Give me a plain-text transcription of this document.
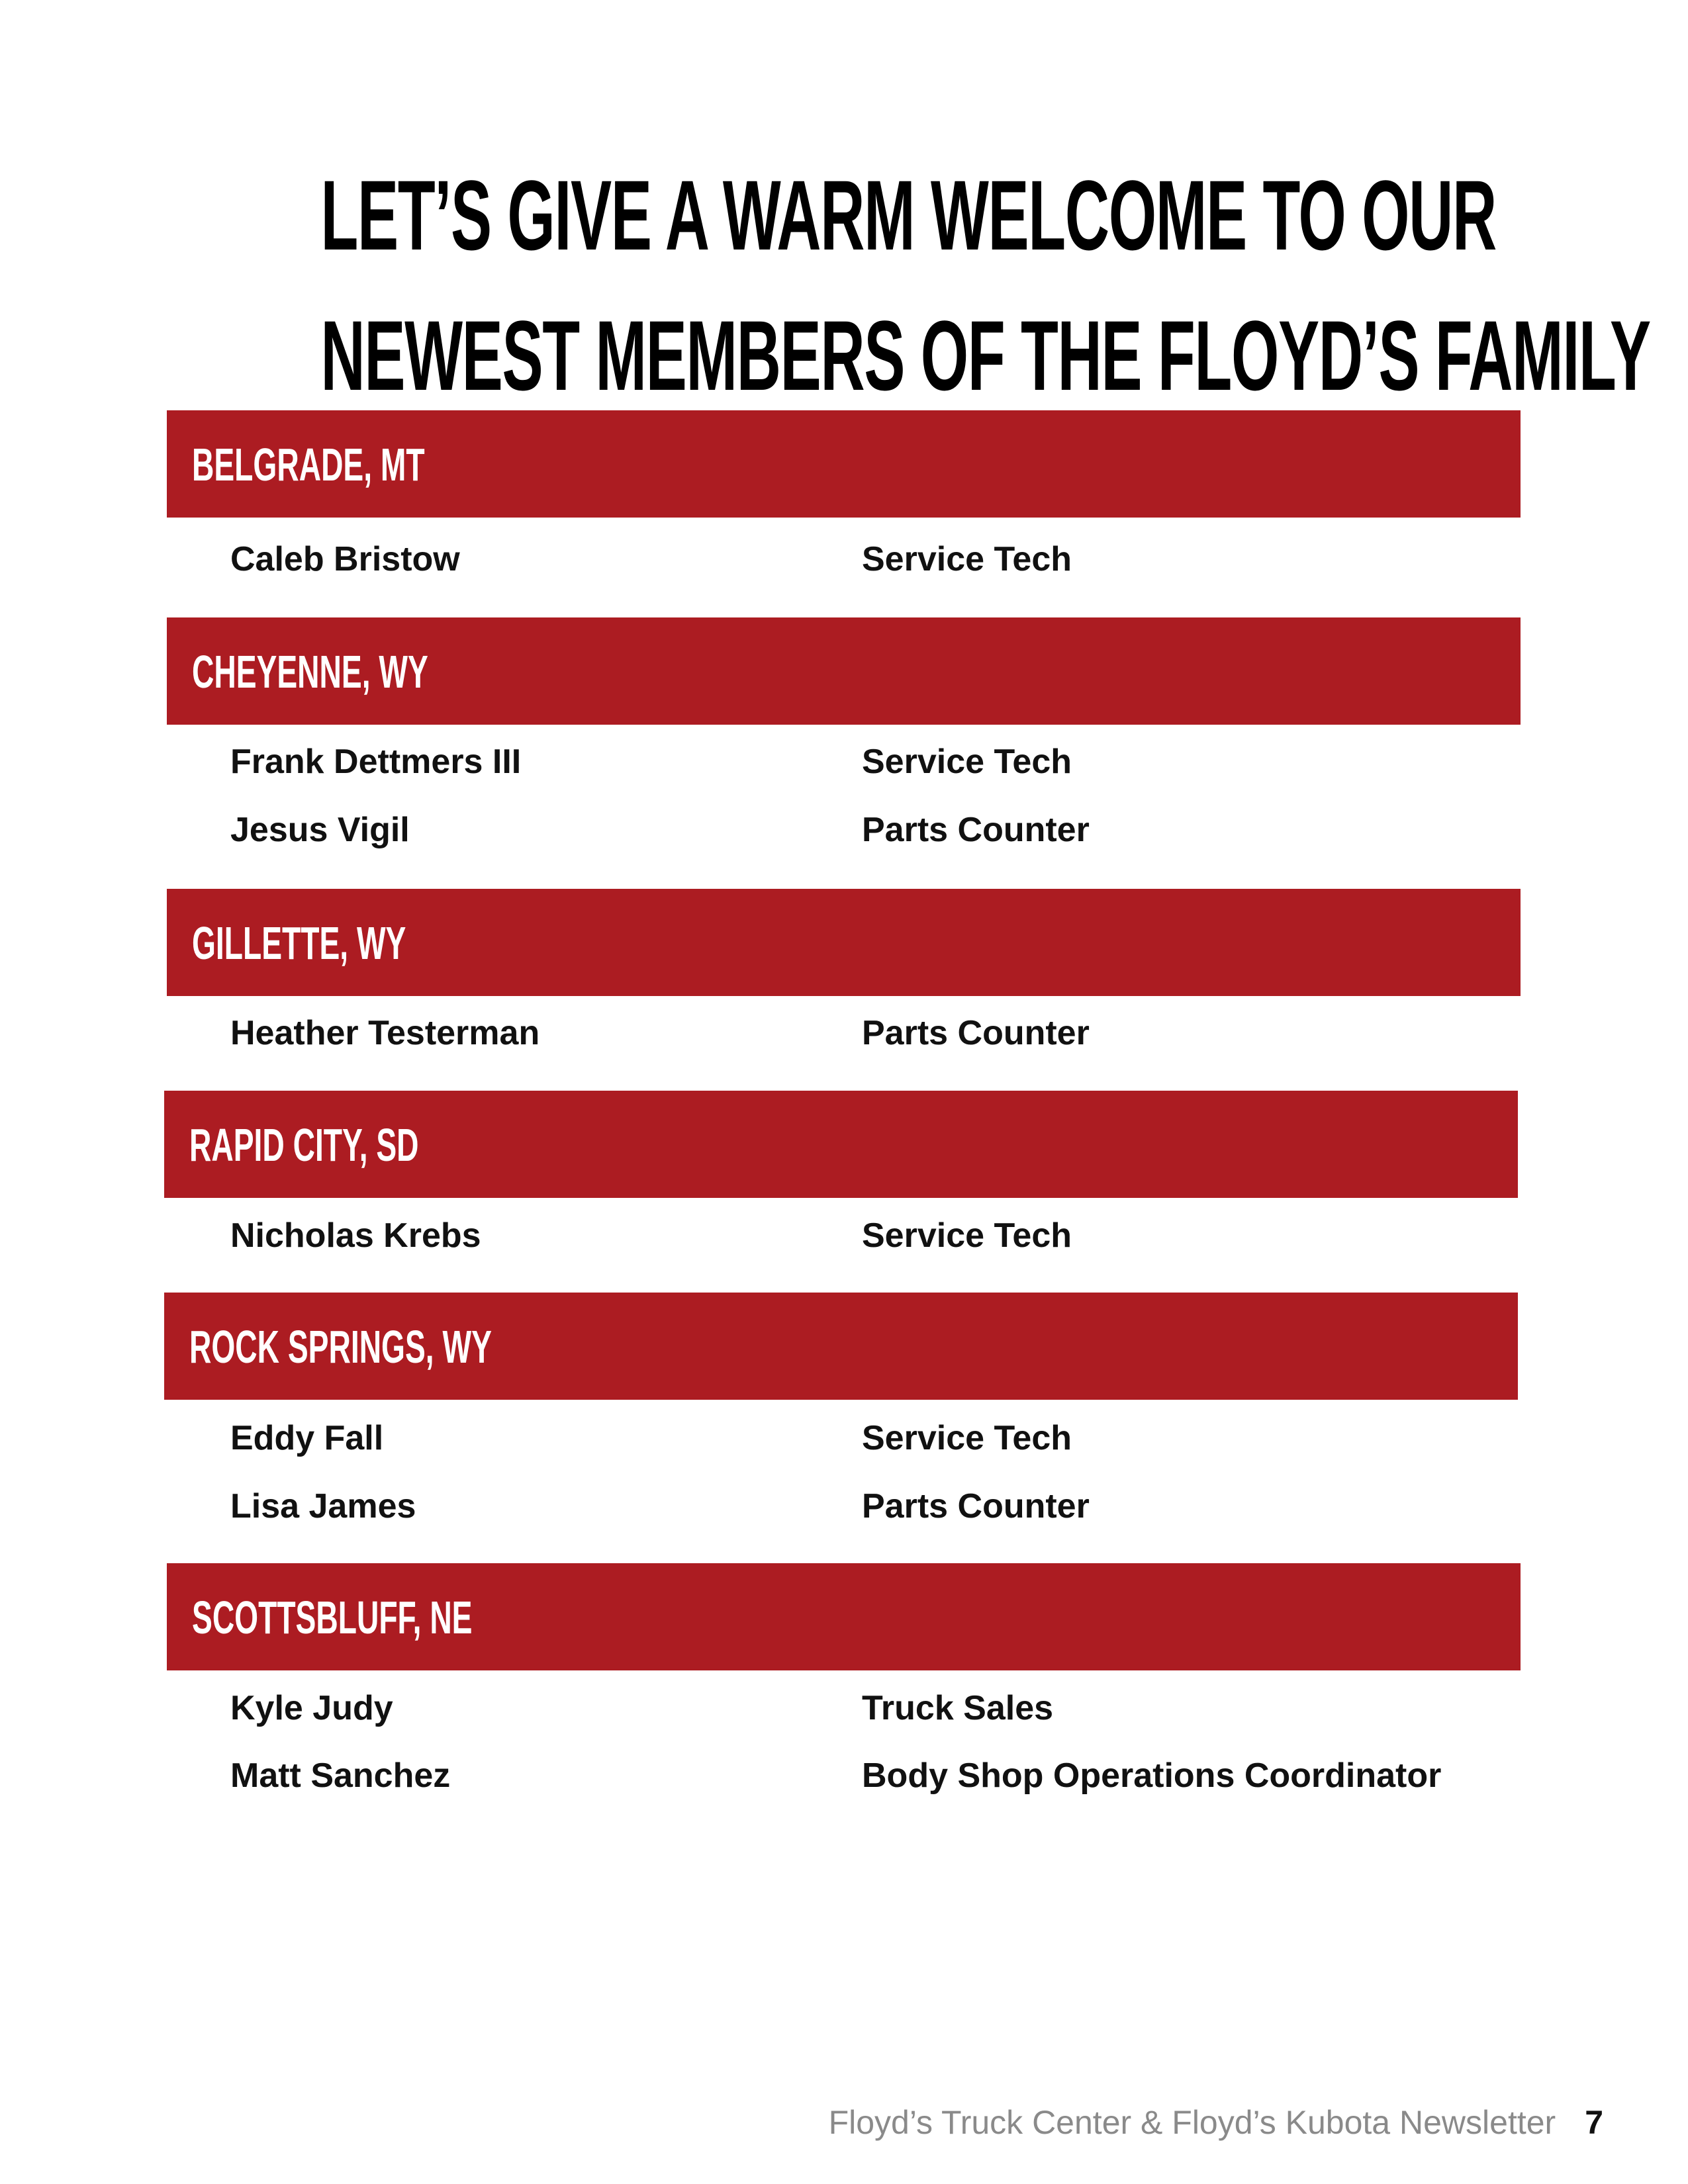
LET’S GIVE A WARM WELCOME TO OUR
NEWEST MEMBERS OF THE FLOYD’S FAMILY
BELGRADE, MT
Caleb Bristow	Service Tech
CHEYENNE, WY
Frank Dettmers III	Service Tech
Jesus Vigil	Parts Counter
GILLETTE, WY
Heather Testerman	Parts Counter
RAPID CITY, SD
Nicholas Krebs	Service Tech
ROCK SPRINGS, WY
Eddy Fall	Service Tech
Lisa James	Parts Counter
SCOTTSBLUFF, NE
Kyle Judy	Truck Sales
Matt Sanchez	Body Shop Operations Coordinator
Floyd’s Truck Center & Floyd’s Kubota Newsletter 7
